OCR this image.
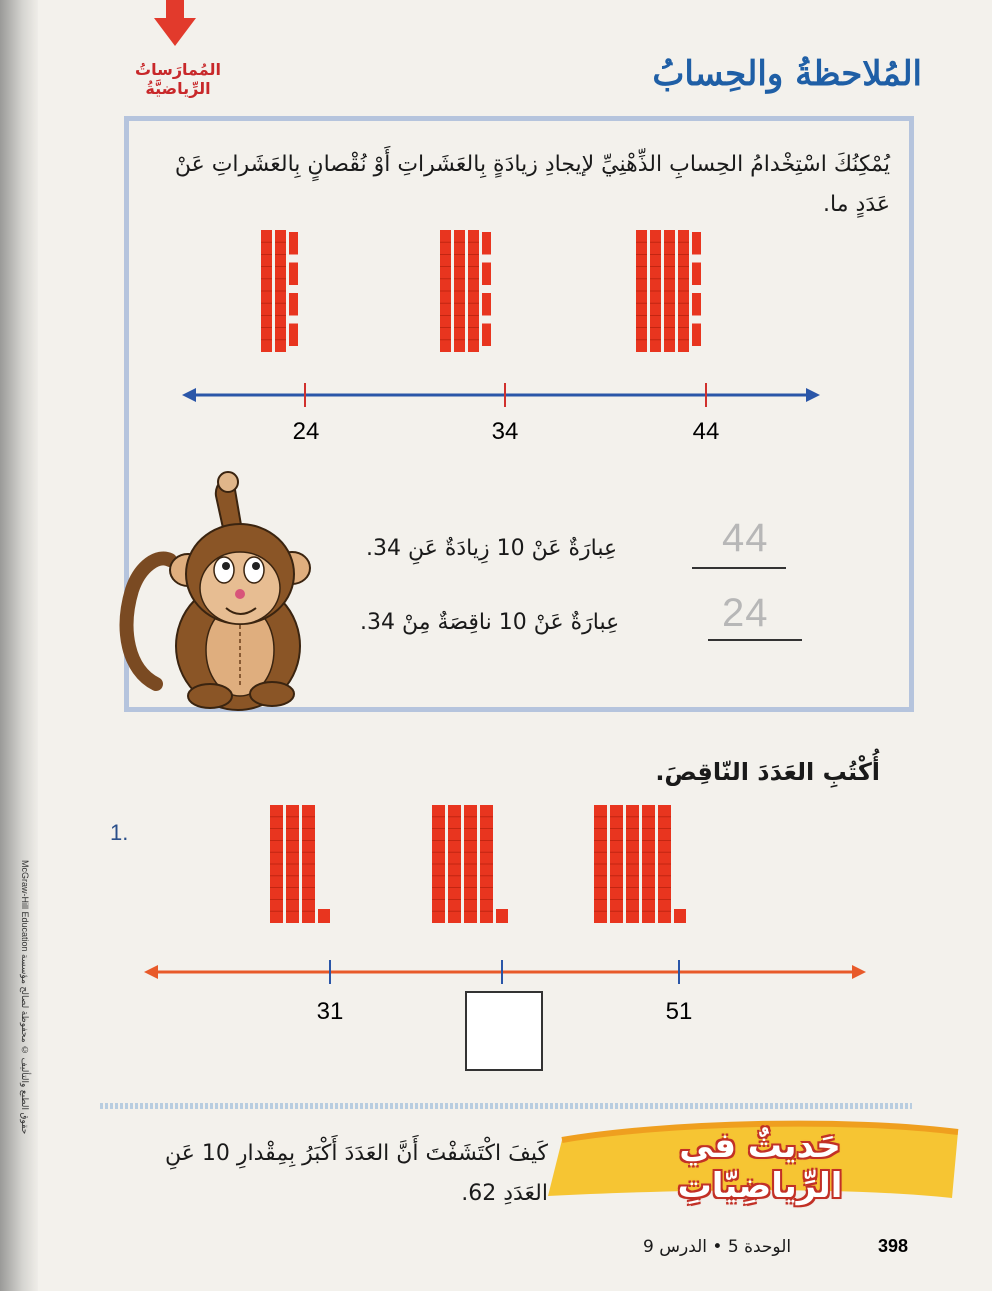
McGraw-Hill Education حقوق الطبع والتأليف © محفوظة لصالح مؤسسة
المُمارَساتُ
الرِّياضيَّةُ	المُلاحظةُ والحِسابُ
يُمْكِنُكَ اسْتِخْدامُ الحِسابِ الذِّهْنِيِّ لإيجادِ زيادَةٍ بِالعَشَراتِ أَوْ نُقْصانٍ بِالعَشَراتِ عَنْ عَدَدٍ ما.
24	34	44
44
عِبارَةٌ عَنْ 10 زِيادَةٌ عَنِ 34.
24
عِبارَةٌ عَنْ 10 ناقِصَةٌ مِنْ 34.
أُكْتُبِ العَدَدَ النّاقِصَ.
1.
31	51
حَديثٌ في الرِّياضِيّاتِ
كَيفَ اكْتَشَفْتَ أَنَّ العَدَدَ أَكْبَرُ بِمِقْدارِ 10 عَنِ العَدَدِ 62.
398
الوحدة 5 • الدرس 9
